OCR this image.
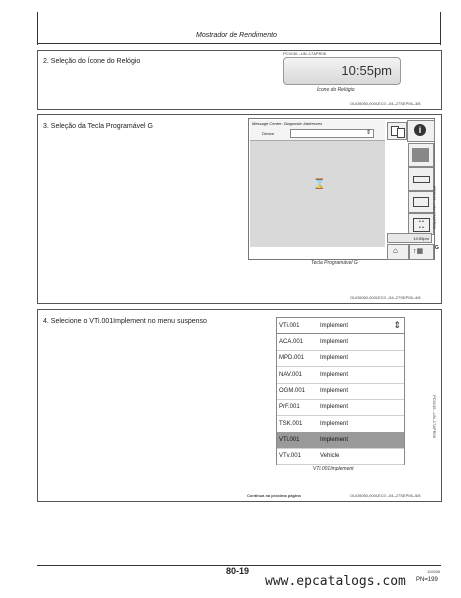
Mostrador de Rendimento
2. Seleção do Ícone do Relógio
PC9136 –UN–17APR06
10:55pm
Ícone do Relógio
OUO6050,0001EC0 –54–27SEP06–3/8
3. Seleção da Tecla Programável G	Message Center: Diagnostic Addresses
Device	⇕
⌛
i
• •
• •
10:55pm
⌂ ↑▦ G
PC9134 –UN–17APR06
Tecla Programável G
OUO6050,0001EC0 –54–27SEP06–4/8
4. Selecione o VTi.001Implement no menu suspenso
VTi.001	Implement	⇕
ACA.001	Implement
MPD.001	Implement
NAV.001	Implement
OGM.001 Implement
PrF.001	Implement
TSK.001	Implement
VTi.001	Implement
VTv.001	Vehicle
PC9135 –UN–17APR06
VTi.001Implement
Continua na próxima página	OUO6050,0001EC0 –54–27SEP06–5/8
80-19
www.epcatalogs.com
110506
PN=199
